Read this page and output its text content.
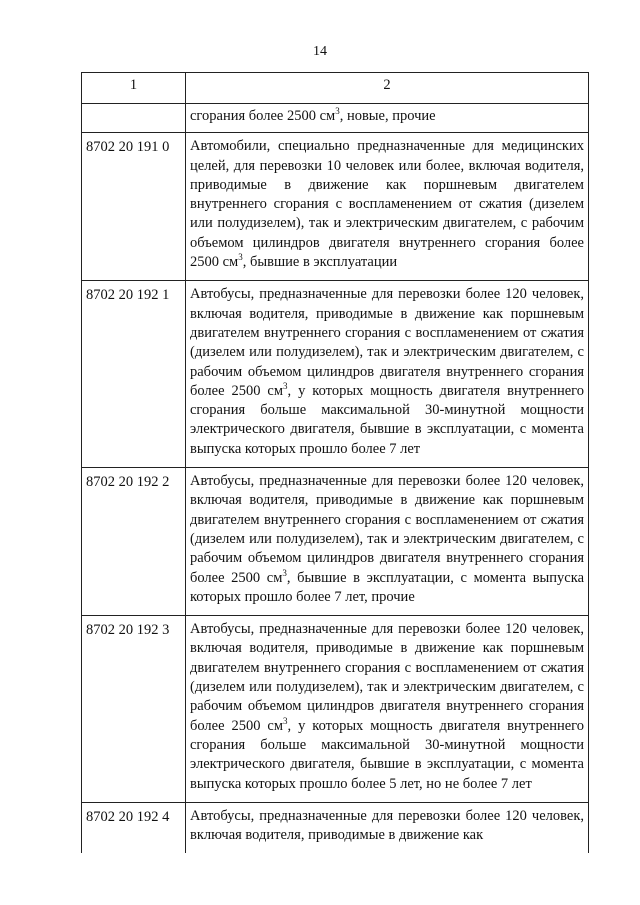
14
1	2
	сгорания более 2500 $см^3$, новые, прочие
8702 20 191 0	Автомобили, специально предназначенные для медицинских целей, для перевозки 10 человек или более, включая водителя, приводимые в движение как поршневым двигателем внутреннего сгорания с воспламенением от сжатия (дизелем или полудизелем), так и электрическим двигателем, с рабочим объемом цилиндров двигателя внутреннего сгорания более 2500 $см^3$, бывшие в эксплуатации
8702 20 192 1	Автобусы, предназначенные для перевозки более 120 человек, включая водителя, приводимые в движение как поршневым двигателем внутреннего сгорания с воспламенением от сжатия (дизелем или полудизелем), так и электрическим двигателем, с рабочим объемом цилиндров двигателя внутреннего сгорания более 2500 $см^3$, у которых мощность двигателя внутреннего сгорания больше максимальной 30-минутной мощности электрического двигателя, бывшие в эксплуатации, с момента выпуска которых прошло более 7 лет
8702 20 192 2	Автобусы, предназначенные для перевозки более 120 человек, включая водителя, приводимые в движение как поршневым двигателем внутреннего сгорания с воспламенением от сжатия (дизелем или полудизелем), так и электрическим двигателем, с рабочим объемом цилиндров двигателя внутреннего сгорания более 2500 $см^3$, бывшие в эксплуатации, с момента выпуска которых прошло более 7 лет, прочие
8702 20 192 3	Автобусы, предназначенные для перевозки более 120 человек, включая водителя, приводимые в движение как поршневым двигателем внутреннего сгорания с воспламенением от сжатия (дизелем или полудизелем), так и электрическим двигателем, с рабочим объемом цилиндров двигателя внутреннего сгорания более 2500 $см^3$, у которых мощность двигателя внутреннего сгорания больше максимальной 30-минутной мощности электрического двигателя, бывшие в эксплуатации, с момента выпуска которых прошло более 5 лет, но не более 7 лет
8702 20 192 4	Автобусы, предназначенные для перевозки более 120 человек, включая водителя, приводимые в движение как
